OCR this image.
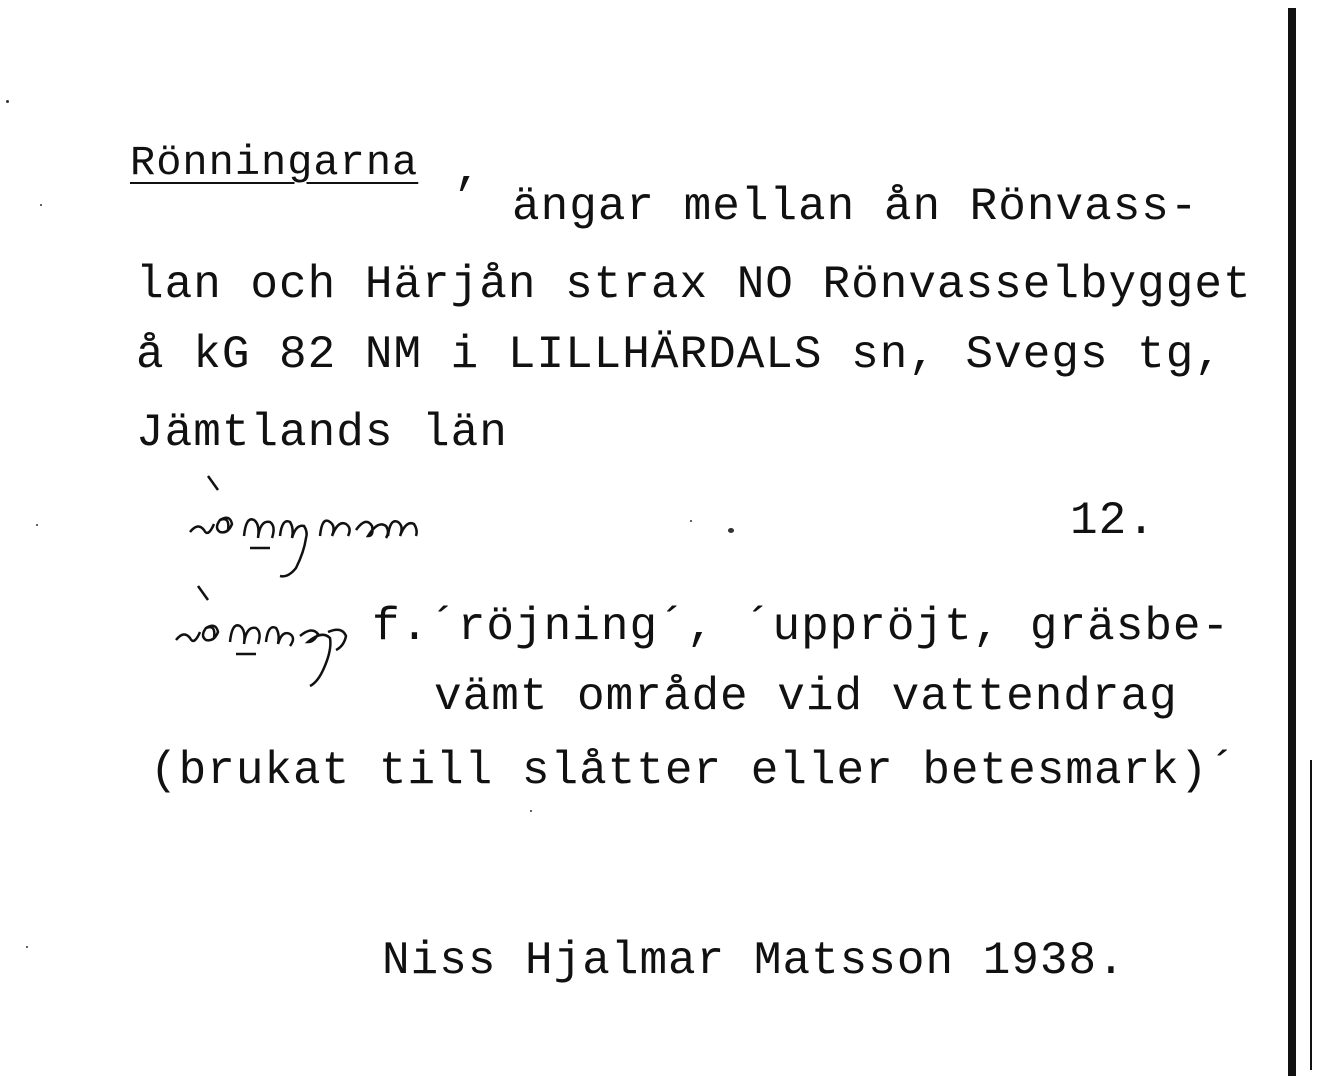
Rönningarna ,
ängar mellan ån Rönvass-
lan och Härjån strax NO Rönvasselbygget
å kG 82 NM i LILLHÄRDALS sn, Svegs tg,
Jämtlands län
12.
f.´röjning´, ´uppröjt, gräsbe-
vämt område vid vattendrag
(brukat till slåtter eller betesmark)´
Niss Hjalmar Matsson 1938.
